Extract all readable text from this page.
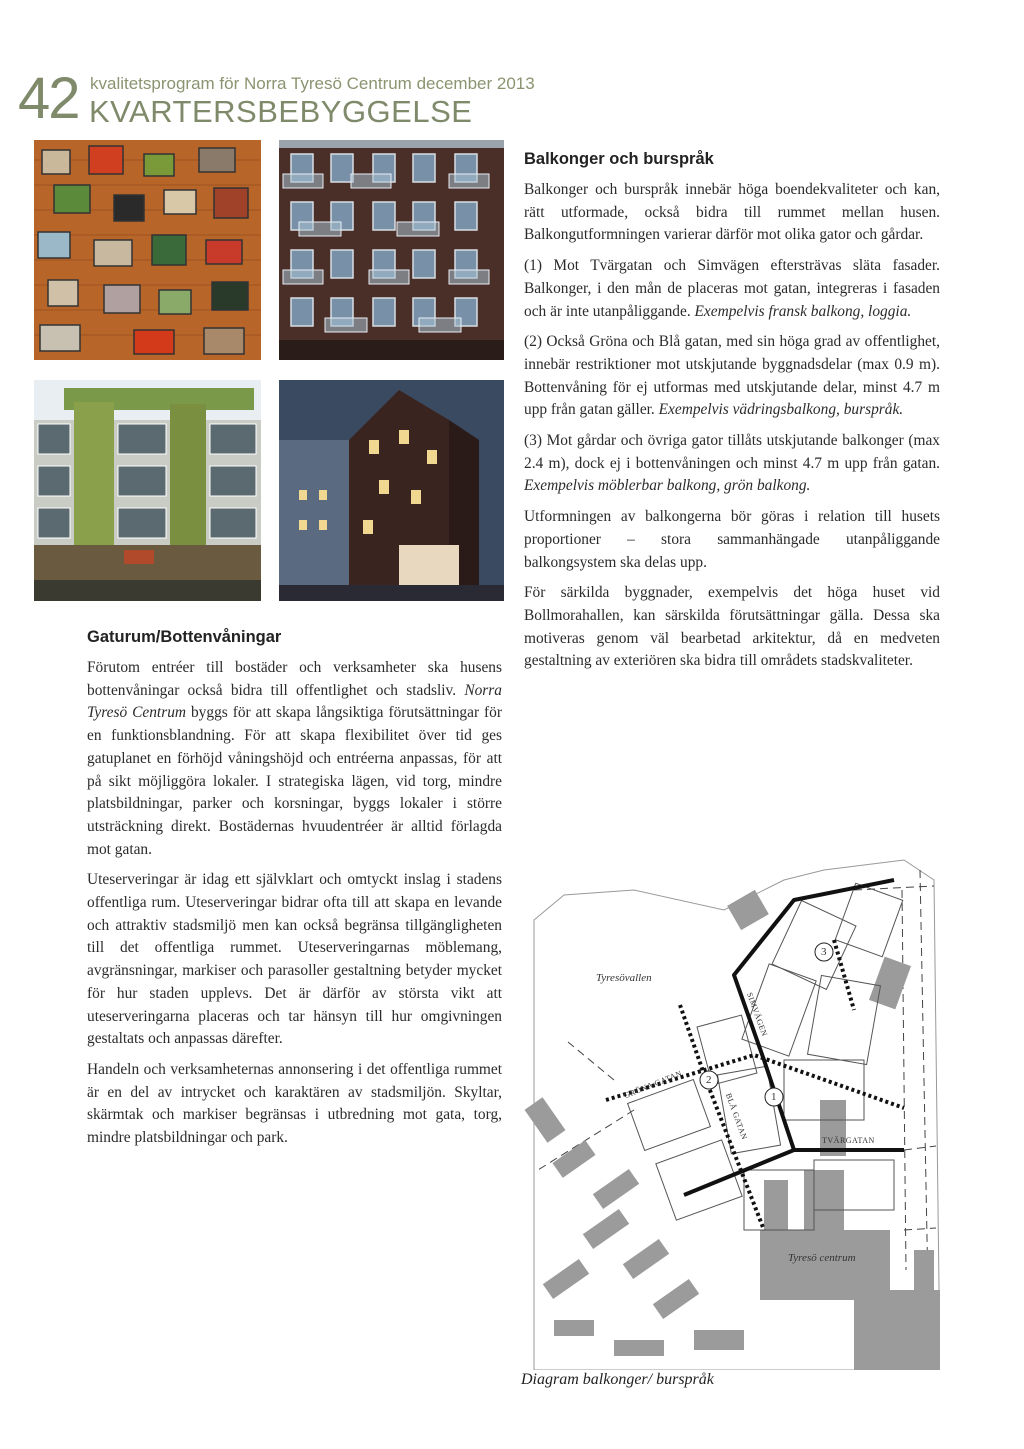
42 kvalitetsprogram för Norra Tyresö Centrum december 2013
KVARTERSBEBYGGELSE
Gaturum/Bottenvåningar

Förutom entréer till bostäder och verksamheter ska husens bottenvåningar också bidra till offentlighet och stadsliv. Norra Tyresö Centrum byggs för att skapa långsiktiga förutsättningar för en funktionsblandning. För att skapa flexibilitet över tid ges gatuplanet en förhöjd våningshöjd och entréerna anpassas, för att på sikt möjliggöra lokaler. I strategiska lägen, vid torg, mindre platsbildningar, parker och korsningar, byggs lokaler i större utsträckning direkt. Bostädernas hvuudentréer är alltid förlagda mot gatan.

Uteserveringar är idag ett självklart och omtyckt inslag i stadens offentliga rum. Uteserveringar bidrar ofta till att skapa en levande och attraktiv stadsmiljö men kan också begränsa tillgängligheten till det offentliga rummet. Uteserveringarnas möblemang, avgränsningar, markiser och parasoller gestaltning betyder mycket för hur staden upplevs. Det är därför av största vikt att uteserveringarna placeras och tar hänsyn till hur omgivningen gestaltats och anpassas därefter.

Handeln och verksamheternas annonsering i det offentliga rummet är en del av intrycket och karaktären av stadsmiljön. Skyltar, skärmtak och markiser begränsas i utbredning mot gata, torg, mindre platsbildningar och park.

Balkonger och burspråk

Balkonger och burspråk innebär höga boendekvaliteter och kan, rätt utformade, också bidra till rummet mellan husen. Balkongutformningen varierar därför mot olika gator och gårdar.

(1) Mot Tvärgatan och Simvägen eftersträvas släta fasader. Balkonger, i den mån de placeras mot gatan, integreras i fasaden och är inte utanpåliggande. Exempelvis fransk balkong, loggia.

(2) Också Gröna och Blå gatan, med sin höga grad av offentlighet, innebär restriktioner mot utskjutande byggnadsdelar (max 0.9 m). Bottenvåning för ej utformas med utskjutande delar, minst 4.7 m upp från gatan gäller. Exempelvis vädringsbalkong, burspråk.

(3) Mot gårdar och övriga gator tillåts utskjutande balkonger (max 2.4 m), dock ej i bottenvåningen och minst 4.7 m upp från gatan. Exempelvis möblerbar balkong, grön balkong.

Utformningen av balkongerna bör göras i relation till husets proportioner – stora sammanhängade utanpåliggande balkongsystem ska delas upp.

För särkilda byggnader, exempelvis det höga huset vid Bollmorahallen, kan särskilda förutsättningar gälla. Dessa ska motiveras genom väl bearbetad arkitektur, då en medveten gestaltning av exteriören ska bidra till områdets stadskvaliteter.

Tyresövallen
SIMVÄGEN
GRÖNA GATAN
BLÅ GATAN	TVÄRGATAN
Tyresö centrum
3
2
1
Diagram balkonger/ burspråk
